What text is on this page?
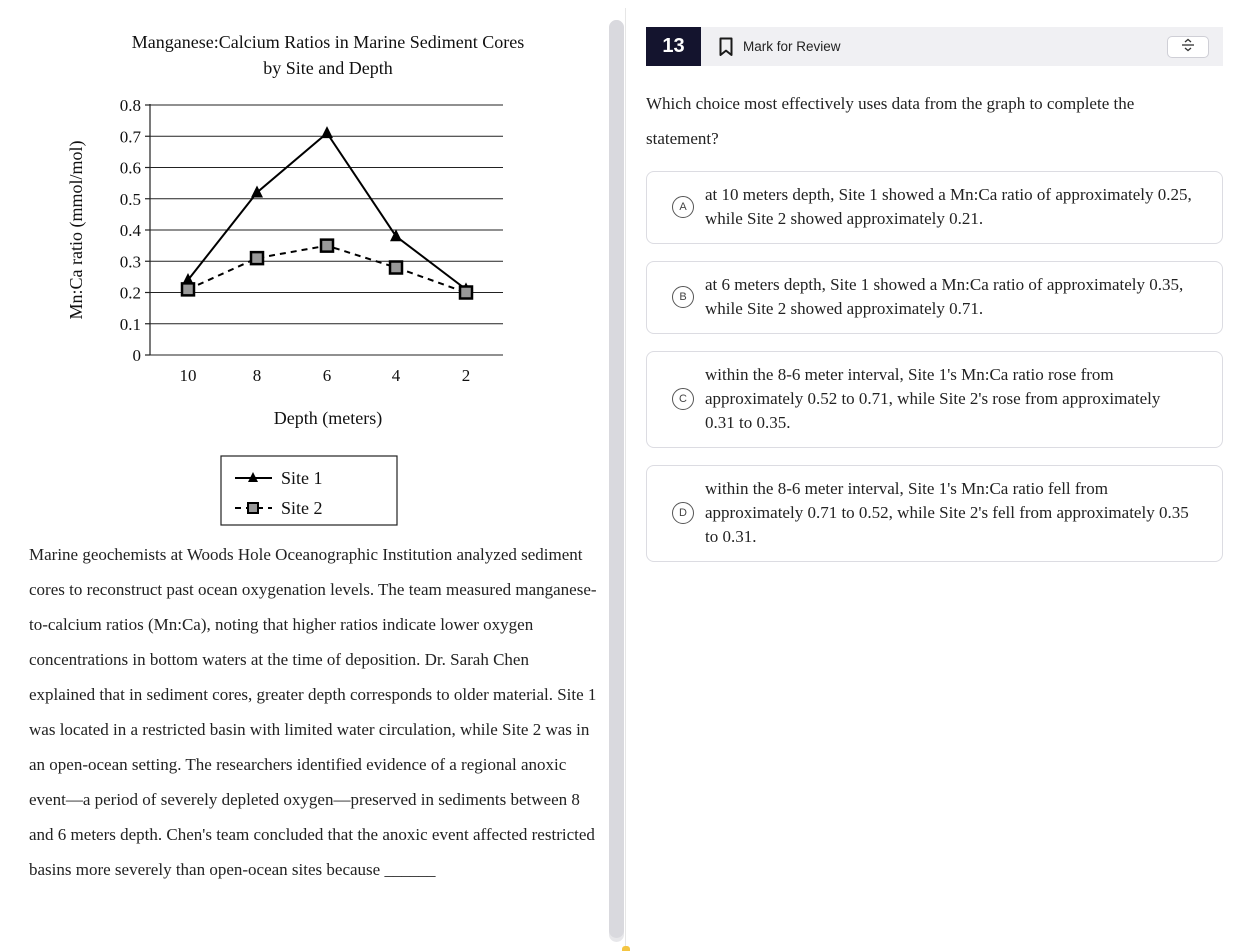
Manganese:Calcium Ratios in Marine Sediment Cores
by Site and Depth
0
0.1
0.2
0.3
0.4
0.5
0.6
0.7
0.8
10	8	6	4	2
Depth (meters)
Mn:Ca ratio (mmol/mol)
Site 1
Site 2
Marine geochemists at Woods Hole Oceanographic Institution analyzed sediment cores to reconstruct past ocean oxygenation levels. The team measured manganese-to-calcium ratios (Mn:Ca), noting that higher ratios indicate lower oxygen concentrations in bottom waters at the time of deposition. Dr. Sarah Chen explained that in sediment cores, greater depth corresponds to older material. Site 1 was located in a restricted basin with limited water circulation, while Site 2 was in an open-ocean setting. The researchers identified evidence of a regional anoxic event—a period of severely depleted oxygen—preserved in sediments between 8 and 6 meters depth. Chen's team concluded that the anoxic event affected restricted basins more severely than open-ocean sites because ______
13	Mark for Review
Which choice most effectively uses data from the graph to complete the statement?
A
at 10 meters depth, Site 1 showed a Mn:Ca ratio of approximately 0.25, while Site 2 showed approximately 0.21.
B
at 6 meters depth, Site 1 showed a Mn:Ca ratio of approximately 0.35, while Site 2 showed approximately 0.71.
C
within the 8-6 meter interval, Site 1's Mn:Ca ratio rose from approximately 0.52 to 0.71, while Site 2's rose from approximately 0.31 to 0.35.
D
within the 8-6 meter interval, Site 1's Mn:Ca ratio fell from approximately 0.71 to 0.52, while Site 2's fell from approximately 0.35 to 0.31.
